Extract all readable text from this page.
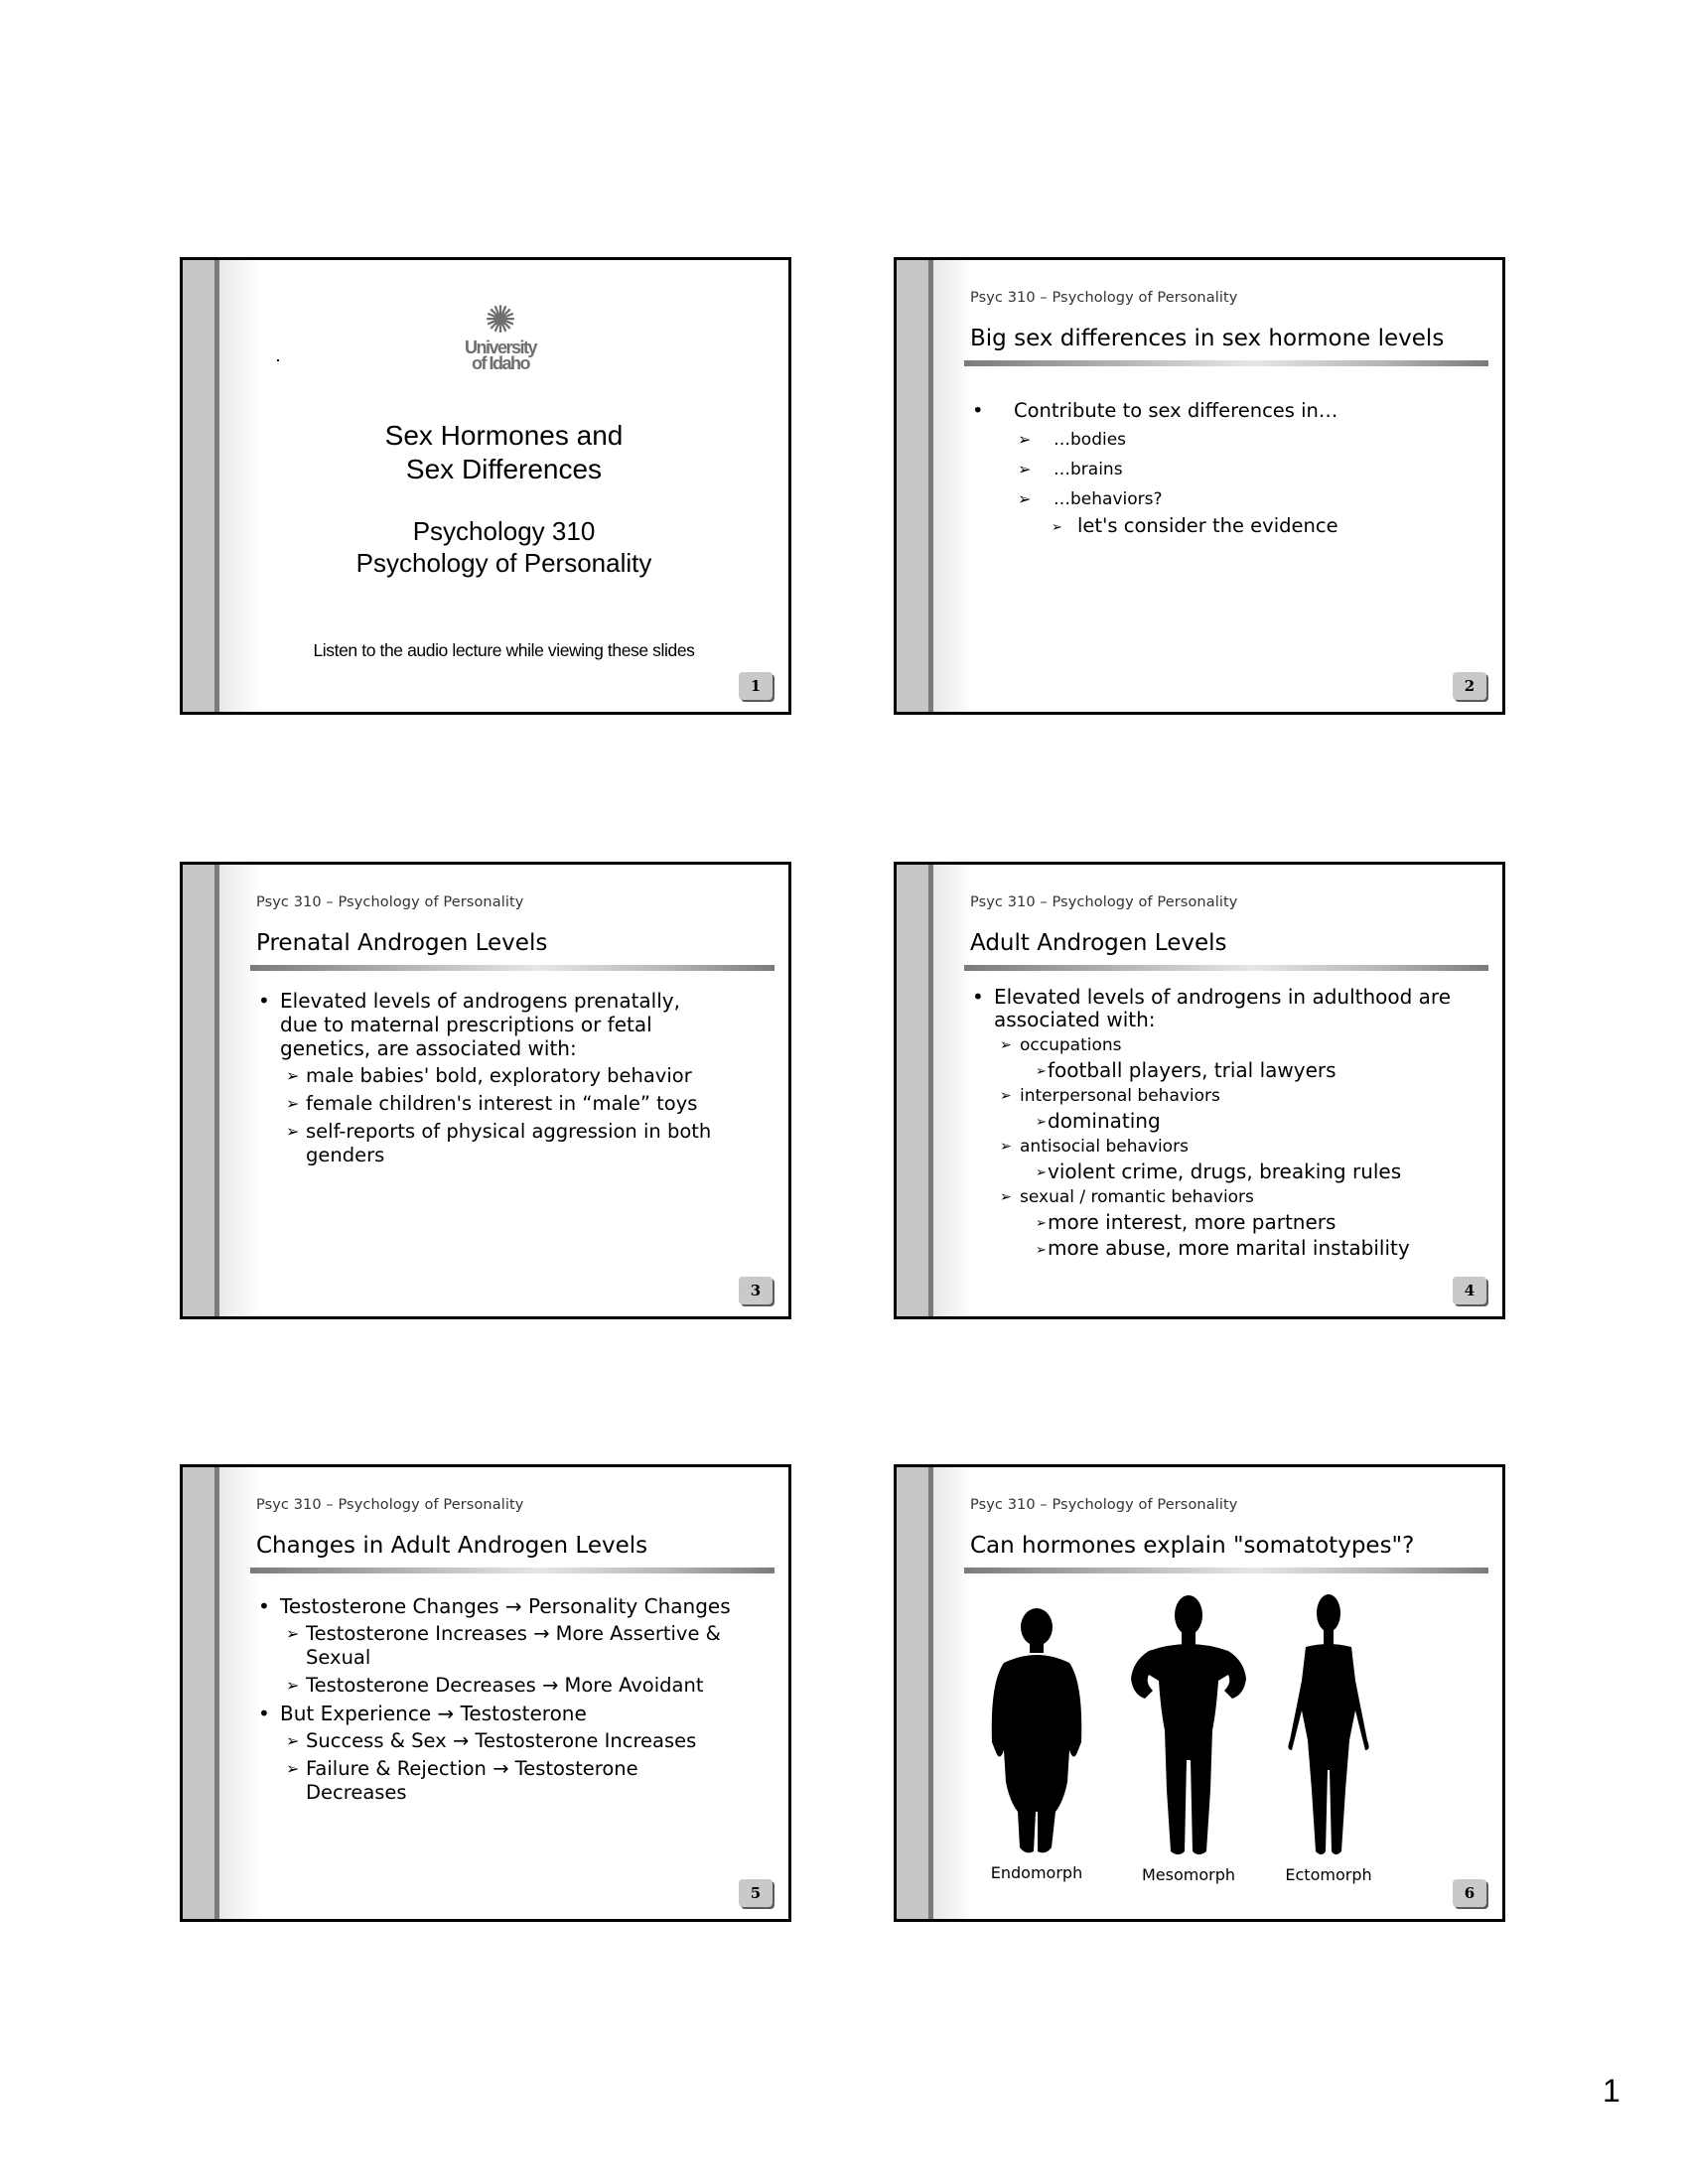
✺
University
of Idaho
Sex Hormones and
Sex Differences
Psychology 310
Psychology of Personality
Listen to the audio lecture while viewing these slides
1
Psyc 310 – Psychology of Personality
Big sex differences in sex hormone levels
• Contribute to sex differences in…
➢ …bodies
➢ …brains
➢ …behaviors?
➢ let's consider the evidence
2
Psyc 310 – Psychology of Personality
Prenatal Androgen Levels
• Elevated levels of androgens prenatally, due to maternal prescriptions or fetal genetics, are associated with:
➢ male babies' bold, exploratory behavior
➢ female children's interest in “male” toys
➢ self-reports of physical aggression in both genders
3
Psyc 310 – Psychology of Personality
Adult Androgen Levels
• Elevated levels of androgens in adulthood are associated with:
➢ occupations
➢ football players, trial lawyers
➢ interpersonal behaviors
➢ dominating
➢ antisocial behaviors
➢ violent crime, drugs, breaking rules
➢ sexual / romantic behaviors
➢ more interest, more partners
➢ more abuse, more marital instability
4
Psyc 310 – Psychology of Personality
Changes in Adult Androgen Levels
• Testosterone Changes → Personality Changes
➢ Testosterone Increases → More Assertive & Sexual
➢ Testosterone Decreases → More Avoidant
• But Experience → Testosterone
➢ Success & Sex → Testosterone Increases
➢ Failure & Rejection → Testosterone Decreases
5
Psyc 310 – Psychology of Personality
Can hormones explain "somatotypes"?
Endomorph	Mesomorph	Ectomorph
6
1
